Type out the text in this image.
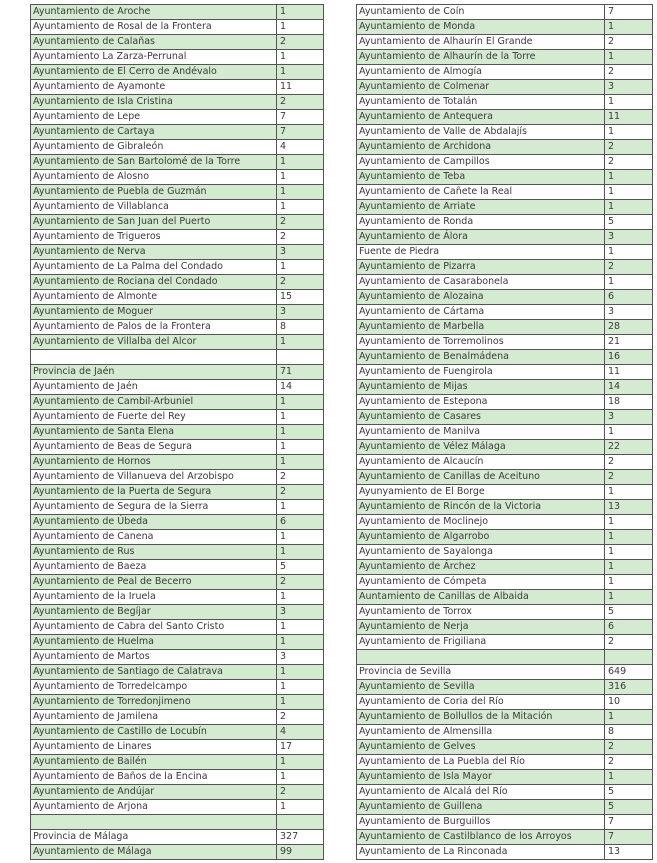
Ayuntamiento de Aroche	1
Ayuntamiento de Rosal de la Frontera	1
Ayuntamiento de Calañas	2
Ayuntamiento La Zarza-Perrunal	1
Ayuntamiento de El Cerro de Andévalo	1
Ayuntamiento de Ayamonte	11
Ayuntamiento de Isla Cristina	2
Ayuntamiento de Lepe	7
Ayuntamiento de Cartaya	7
Ayuntamiento de Gibraleón	4
Ayuntamiento de San Bartolomé de la Torre	1
Ayuntamiento de Alosno	1
Ayuntamiento de Puebla de Guzmán	1
Ayuntamiento de Villablanca	1
Ayuntamiento de San Juan del Puerto	2
Ayuntamiento de Trigueros	2
Ayuntamiento de Nerva	3
Ayuntamiento de La Palma del Condado	1
Ayuntamiento de Rociana del Condado	2
Ayuntamiento de Almonte	15
Ayuntamiento de Moguer	3
Ayuntamiento de Palos de la Frontera	8
Ayuntamiento de Villalba del Alcor	1

Provincia de Jaén	71
Ayuntamiento de Jaén	14
Ayuntamiento de Cambil-Arbuniel	1
Ayuntamiento de Fuerte del Rey	1
Ayuntamiento de Santa Elena	1
Ayuntamiento de Beas de Segura	1
Ayuntamiento de Hornos	1
Ayuntamiento de Villanueva del Arzobispo	2
Ayuntamiento de la Puerta de Segura	2
Ayuntamiento de Segura de la Sierra	1
Ayuntamiento de Úbeda	6
Ayuntamiento de Canena	1
Ayuntamiento de Rus	1
Ayuntamiento de Baeza	5
Ayuntamiento de Peal de Becerro	2
Ayuntamiento de la Iruela	1
Ayuntamiento de Begíjar	3
Ayuntamiento de Cabra del Santo Cristo	1
Ayuntamiento de Huelma	1
Ayuntamiento de Martos	3
Ayuntamiento de Santiago de Calatrava	1
Ayuntamiento de Torredelcampo	1
Ayuntamiento de Torredonjimeno	1
Ayuntamiento de Jamilena	2
Ayuntamiento de Castillo de Locubín	4
Ayuntamiento de Linares	17
Ayuntamiento de Bailén	1
Ayuntamiento de Baños de la Encina	1
Ayuntamiento de Andújar	2
Ayuntamiento de Arjona	1

Provincia de Málaga	327
Ayuntamiento de Málaga	99
Ayuntamiento de Coín	7
Ayuntamiento de Monda	1
Ayuntamiento de Alhaurín El Grande	2
Ayuntamiento de Alhaurín de la Torre	1
Ayuntamiento de Almogía	2
Ayuntamiento de Colmenar	3
Ayuntamiento de Totalán	1
Ayuntamiento de Antequera	11
Ayuntamiento de Valle de Abdalajís	1
Ayuntamiento de Archidona	2
Ayuntamiento de Campillos	2
Ayuntamiento de Teba	1
Ayuntamiento de Cañete la Real	1
Ayuntamiento de Arriate	1
Ayuntamiento de Ronda	5
Ayuntamiento de Álora	3
Fuente de Piedra	1
Ayuntamiento de Pizarra	2
Ayuntamiento de Casarabonela	1
Ayuntamiento de Alozaina	6
Ayuntamiento de Cártama	3
Ayuntamiento de Marbella	28
Ayuntamiento de Torremolinos	21
Ayuntamiento de Benalmádena	16
Ayuntamiento de Fuengirola	11
Ayuntamiento de Mijas	14
Ayuntamiento de Estepona	18
Ayuntamiento de Casares	3
Ayuntamiento de Manilva	1
Ayuntamiento de Vélez Málaga	22
Ayuntamiento de Alcaucín	2
Ayuntamiento de Canillas de Aceituno	2
Ayunyamiento de El Borge	1
Ayuntamiento de Rincón de la Victoria	13
Ayuntamiento de Moclinejo	1
Ayuntamiento de Algarrobo	1
Ayuntamiento de Sayalonga	1
Ayuntamiento de Árchez	1
Ayuntamiento de Cómpeta	1
Auntamiento de Canillas de Albaida	1
Ayuntamiento de Torrox	5
Ayuntamiento de Nerja	6
Ayuntamiento de Frigiliana	2

Provincia de Sevilla	649
Ayuntamiento de Sevilla	316
Ayuntamiento de Coria del Río	10
Ayuntamiento de Bollullos de la Mitación	1
Ayuntamiento de Almensilla	8
Ayuntamiento de Gelves	2
Ayuntamiento de La Puebla del Río	2
Ayuntamiento de Isla Mayor	1
Ayuntamiento de Alcalá del Río	5
Ayuntamiento de Guillena	5
Ayuntamiento de Burguillos	7
Ayuntamiento de Castilblanco de los Arroyos	7
Ayuntamiento de La Rinconada	13
